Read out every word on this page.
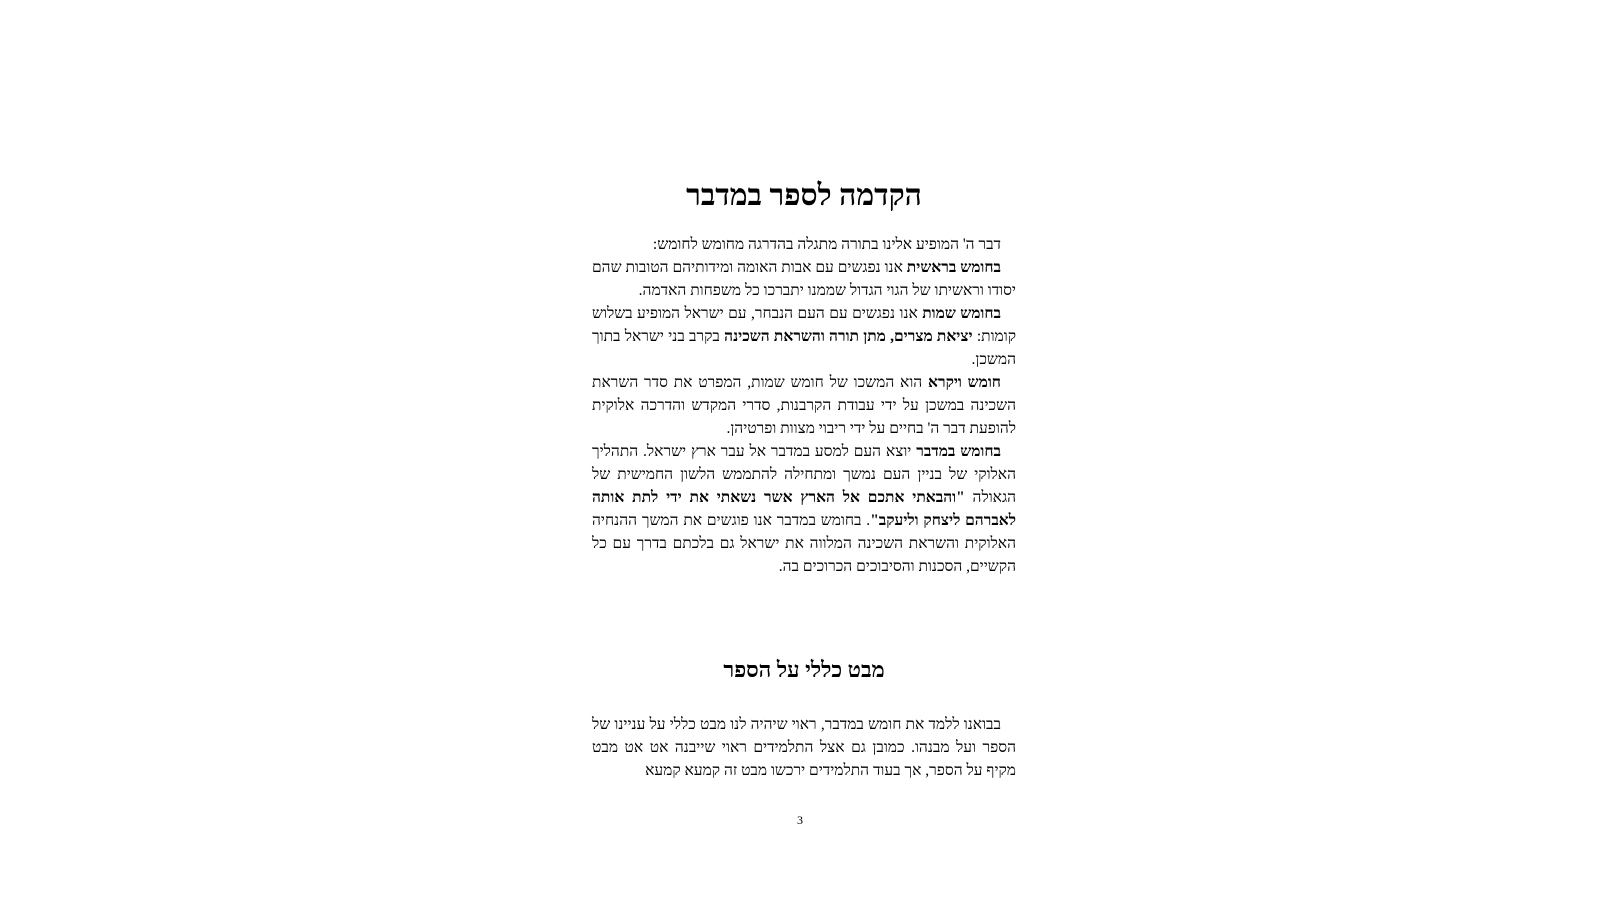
הקדמה לספר במדבר

דבר ה' המופיע אלינו בתורה מתגלה בהדרגה מחומש לחומש:

בחומש בראשית אנו נפגשים עם אבות האומה ומידותיהם הטובות שהם יסודו וראשיתו של הגוי הגדול שממנו יתברכו כל משפחות האדמה.

בחומש שמות אנו נפגשים עם העם הנבחר, עם ישראל המופיע בשלוש קומות: יציאת מצרים, מתן תורה והשראת השכינה בקרב בני ישראל בתוך המשכן.

חומש ויקרא הוא המשכו של חומש שמות, המפרט את סדר השראת השכינה במשכן על ידי עבודת הקרבנות, סדרי המקדש והדרכה אלוקית להופעת דבר ה' בחיים על ידי ריבוי מצוות ופרטיהן.

בחומש במדבר יוצא העם למסע במדבר אל עבר ארץ ישראל. התהליך האלוקי של בניין העם נמשך ומתחילה להתממש הלשון החמישית של הגאולה "והבאתי אתכם אל הארץ אשר נשאתי את ידי לתת אותה לאברהם ליצחק וליעקב". בחומש במדבר אנו פוגשים את המשך ההנחיה האלוקית והשראת השכינה המלווה את ישראל גם בלכתם בדרך עם כל הקשיים, הסכנות והסיבוכים הכרוכים בה.

מבט כללי על הספר

בבואנו ללמד את חומש במדבר, ראוי שיהיה לנו מבט כללי על עניינו של הספר ועל מבנהו. כמובן גם אצל התלמידים ראוי שייבנה אט אט מבט מקיף על הספר, אך בעוד התלמידים ירכשו מבט זה קמעא קמעא

3
